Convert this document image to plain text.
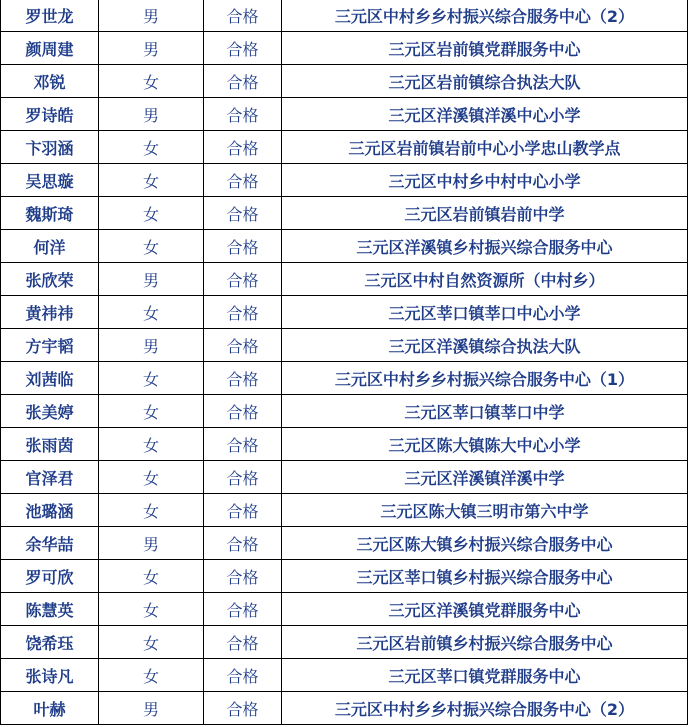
罗世龙	男	合格	三元区中村乡乡村振兴综合服务中心（2）
颜周建	男	合格	三元区岩前镇党群服务中心
邓锐	女	合格	三元区岩前镇综合执法大队
罗诗皓	男	合格	三元区洋溪镇洋溪中心小学
卞羽涵	女	合格	三元区岩前镇岩前中心小学忠山教学点
吴思璇	女	合格	三元区中村乡中村中心小学
魏斯琦	女	合格	三元区岩前镇岩前中学
何洋	女	合格	三元区洋溪镇乡村振兴综合服务中心
张欣荣	男	合格	三元区中村自然资源所（中村乡）
黄祎祎	女	合格	三元区莘口镇莘口中心小学
方宇韬	男	合格	三元区洋溪镇综合执法大队
刘茜临	女	合格	三元区中村乡乡村振兴综合服务中心（1）
张美婷	女	合格	三元区莘口镇莘口中学
张雨茵	女	合格	三元区陈大镇陈大中心小学
官泽君	女	合格	三元区洋溪镇洋溪中学
池璐涵	女	合格	三元区陈大镇三明市第六中学
余华喆	男	合格	三元区陈大镇乡村振兴综合服务中心
罗可欣	女	合格	三元区莘口镇乡村振兴综合服务中心
陈慧英	女	合格	三元区洋溪镇党群服务中心
饶希珏	女	合格	三元区岩前镇乡村振兴综合服务中心
张诗凡	女	合格	三元区莘口镇党群服务中心
叶赫	男	合格	三元区中村乡乡村振兴综合服务中心（2）
